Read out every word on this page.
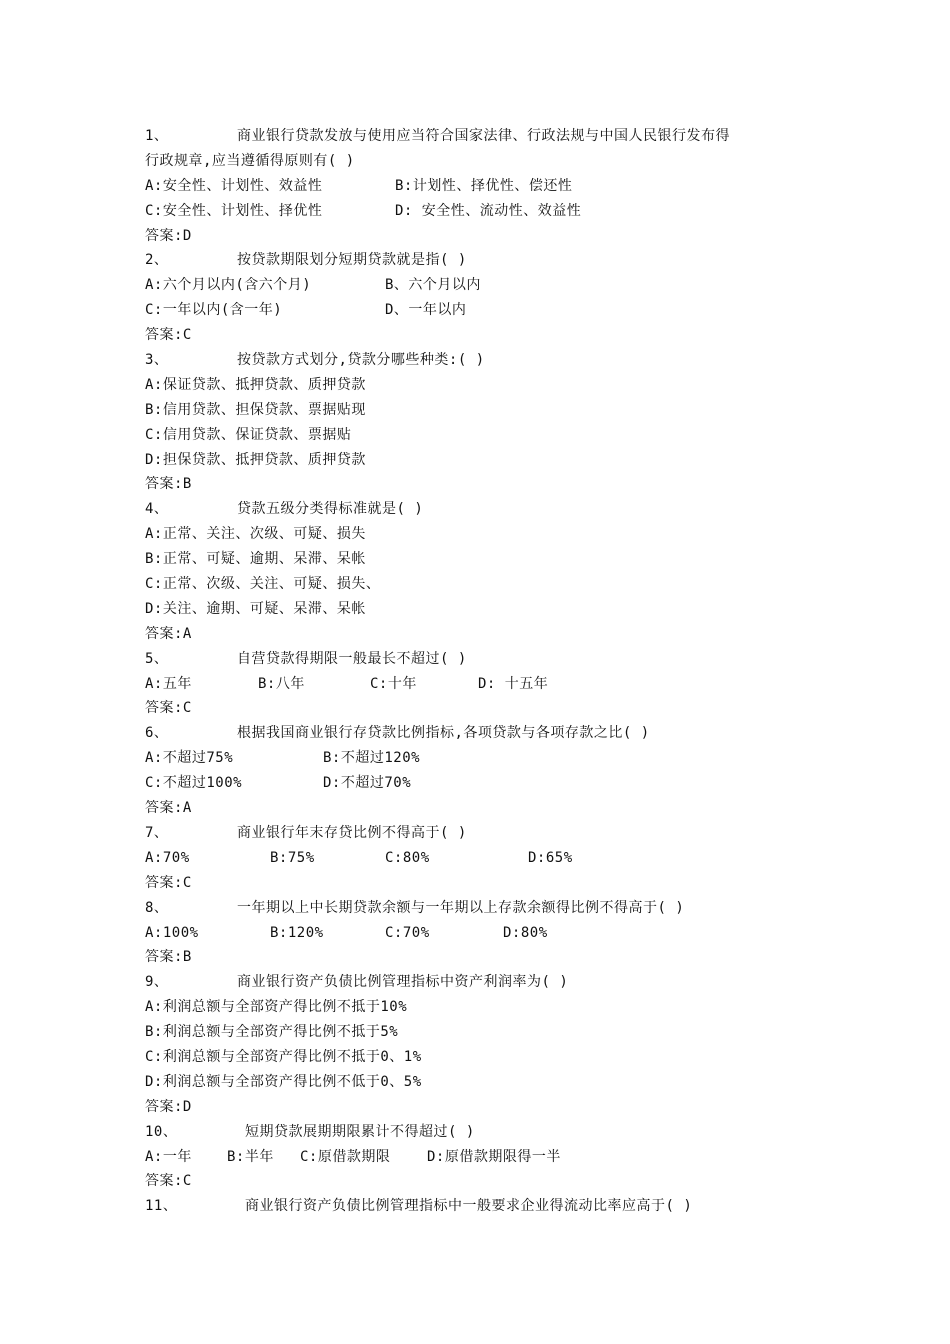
1、	商业银行贷款发放与使用应当符合国家法律、行政法规与中国人民银行发布得
行政规章,应当遵循得原则有( )
A:安全性、计划性、效益性	B:计划性、择优性、偿还性
C:安全性、计划性、择优性	D: 安全性、流动性、效益性
答案:D
2、	按贷款期限划分短期贷款就是指( )
A:六个月以内(含六个月)	B、六个月以内
C:一年以内(含一年)	D、一年以内
答案:C
3、	按贷款方式划分,贷款分哪些种类:( )
A:保证贷款、抵押贷款、质押贷款
B:信用贷款、担保贷款、票据贴现
C:信用贷款、保证贷款、票据贴
D:担保贷款、抵押贷款、质押贷款
答案:B
4、	贷款五级分类得标准就是( )
A:正常、关注、次级、可疑、损失
B:正常、可疑、逾期、呆滞、呆帐
C:正常、次级、关注、可疑、损失、
D:关注、逾期、可疑、呆滞、呆帐
答案:A
5、	自营贷款得期限一般最长不超过( )
A:五年	B:八年	C:十年	D: 十五年
答案:C
6、	根据我国商业银行存贷款比例指标,各项贷款与各项存款之比( )
A:不超过75%	B:不超过120%
C:不超过100%	D:不超过70%
答案:A
7、	商业银行年末存贷比例不得高于( )
A:70%	B:75%	C:80%	D:65%
答案:C
8、	一年期以上中长期贷款余额与一年期以上存款余额得比例不得高于( )
A:100%	B:120%	C:70%	D:80%
答案:B
9、	商业银行资产负债比例管理指标中资产利润率为( )
A:利润总额与全部资产得比例不抵于10%
B:利润总额与全部资产得比例不抵于5%
C:利润总额与全部资产得比例不抵于0、1%
D:利润总额与全部资产得比例不低于0、5%
答案:D
10、	短期贷款展期期限累计不得超过( )
A:一年	B:半年 C:原借款期限	D:原借款期限得一半
答案:C
11、	商业银行资产负债比例管理指标中一般要求企业得流动比率应高于( )
